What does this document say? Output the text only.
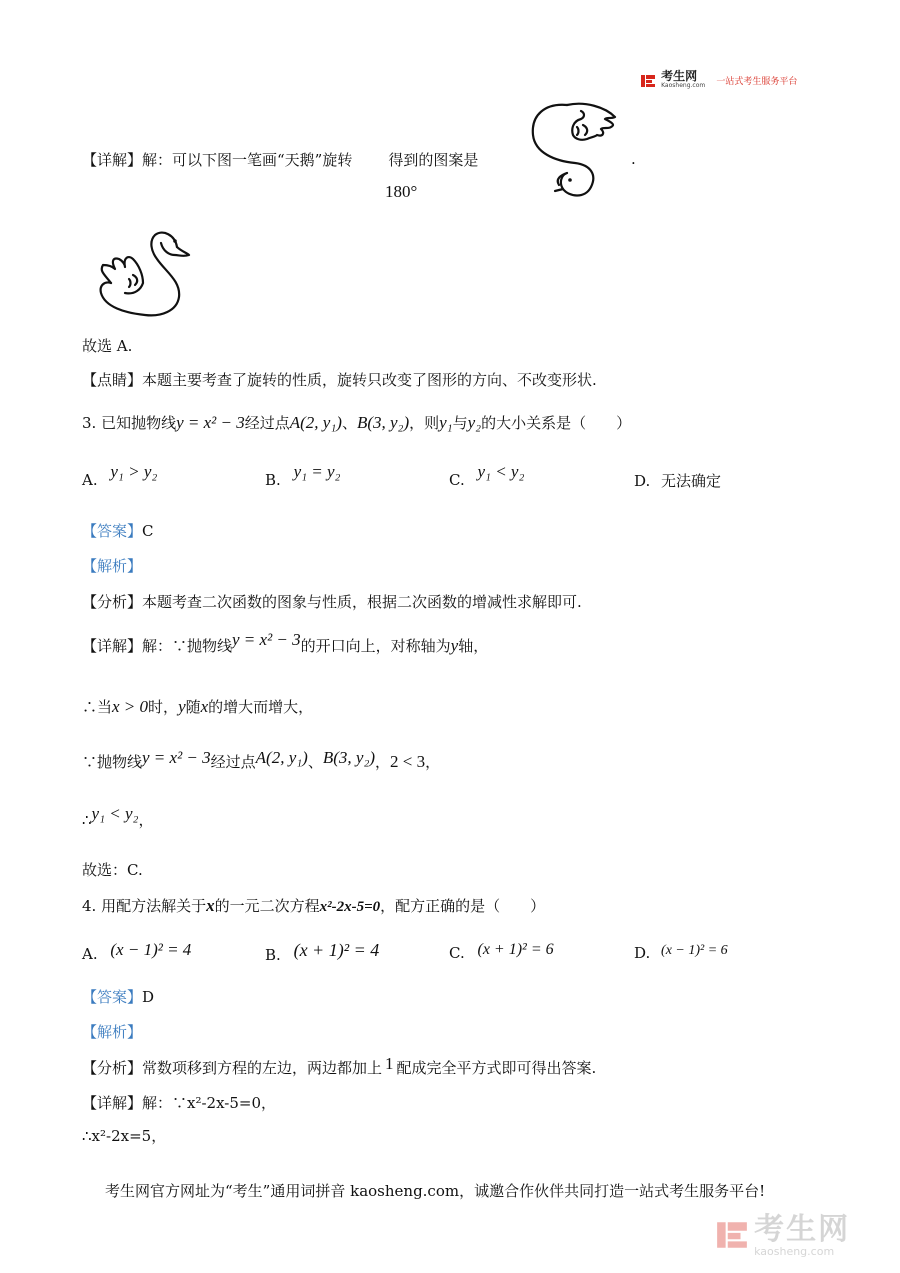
考生网
Kaosheng.com 一站式考生服务平台
【详解】解：可以下图一笔画“天鹅”旋转 得到的图案是
180°
.
故选 A.
【点睛】本题主要考查了旋转的性质，旋转只改变了图形的方向、不改变形状.
3. 已知抛物线y = x² − 3经过点A(2, y₁)、B(3, y₂)，则y₁与y₂的大小关系是（　　）
A. y₁ > y₂	B. y₁ = y₂	C. y₁ < y₂	D. 无法确定
【答案】C
【解析】
【分析】本题考查二次函数的图象与性质，根据二次函数的增减性求解即可.
【详解】解：∵抛物线y = x² − 3的开口向上，对称轴为y轴，
∴当x > 0时，y随x的增大而增大，
∵抛物线y = x² − 3经过点A(2, y₁)、B(3, y₂)，2 < 3，
∴y₁ < y₂，
故选：C.
4. 用配方法解关于x的一元二次方程x²-2x-5=0，配方正确的是（　　）
A. (x − 1)² = 4	B. (x + 1)² = 4	C. (x + 1)² = 6	D. (x − 1)² = 6
【答案】D
【解析】
【分析】常数项移到方程的左边，两边都加上 1 配成完全平方式即可得出答案.
【详解】解：∵x²-2x-5=0，
∴x²-2x=5，
考生网官方网址为“考生”通用词拼音 kaosheng.com，诚邀合作伙伴共同打造一站式考生服务平台!

考生网
kaosheng.com
